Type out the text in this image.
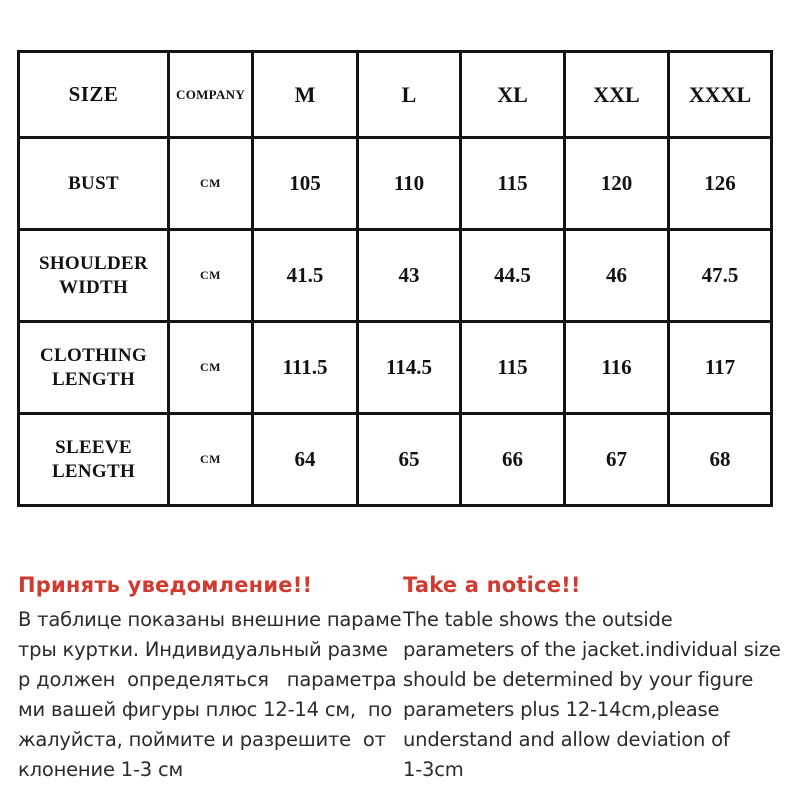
SIZE	COMPANY	M	L	XL	XXL	XXXL
BUST	CM	105	110	115	120	126
SHOULDER WIDTH	CM	41.5	43	44.5	46	47.5
CLOTHING LENGTH	CM	111.5	114.5	115	116	117
SLEEVE LENGTH	CM	64	65	66	67	68
Принять уведомление!!
В таблице показаны внешние параме
тры куртки. Индивидуальный разме
р должен  определяться   параметра
ми вашей фигуры плюс 12-14 см,  по
жалуйста, поймите и разрешите  от
клонение 1-3 см
Take a notice!!
The table shows the outside
parameters of the jacket.individual size
should be determined by your figure
parameters plus 12-14cm,please
understand and allow deviation of
1-3cm
